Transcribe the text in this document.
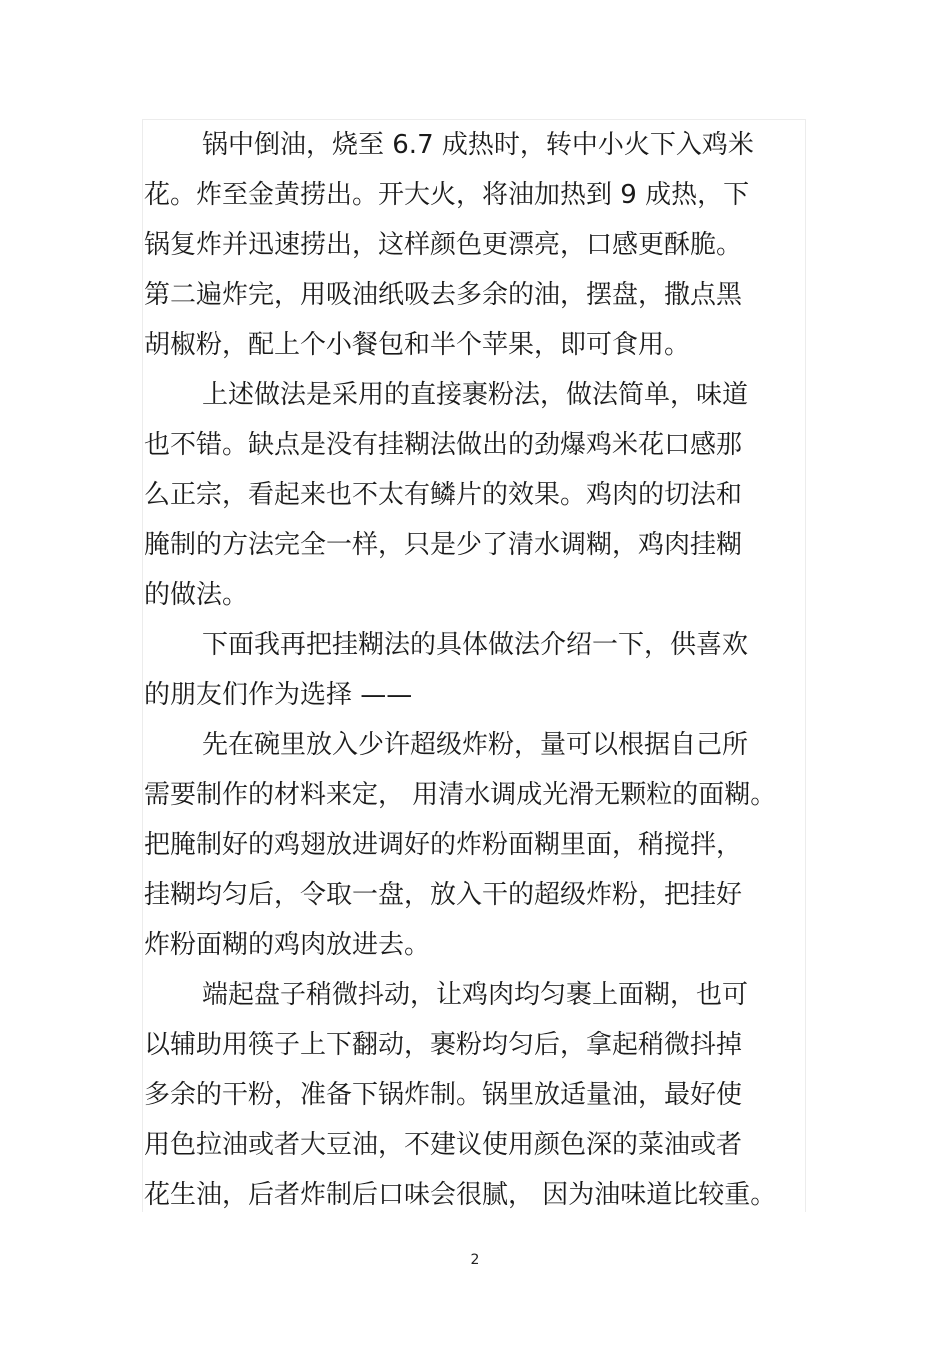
锅中倒油，烧至 6.7 成热时，转中小火下入鸡米
花。炸至金黄捞出。开大火，将油加热到 9 成热，下
锅复炸并迅速捞出，这样颜色更漂亮，口感更酥脆。
第二遍炸完，用吸油纸吸去多余的油，摆盘，撒点黑
胡椒粉，配上个小餐包和半个苹果，即可食用。
上述做法是采用的直接裹粉法，做法简单，味道
也不错。缺点是没有挂糊法做出的劲爆鸡米花口感那
么正宗，看起来也不太有鳞片的效果。鸡肉的切法和
腌制的方法完全一样，只是少了清水调糊，鸡肉挂糊
的做法。
下面我再把挂糊法的具体做法介绍一下，供喜欢
的朋友们作为选择 ——
先在碗里放入少许超级炸粉，量可以根据自己所
需要制作的材料来定， 用清水调成光滑无颗粒的面糊。
把腌制好的鸡翅放进调好的炸粉面糊里面，稍搅拌，
挂糊均匀后，令取一盘，放入干的超级炸粉，把挂好
炸粉面糊的鸡肉放进去。
端起盘子稍微抖动，让鸡肉均匀裹上面糊，也可
以辅助用筷子上下翻动，裹粉均匀后，拿起稍微抖掉
多余的干粉，准备下锅炸制。锅里放适量油，最好使
用色拉油或者大豆油，不建议使用颜色深的菜油或者
花生油，后者炸制后口味会很腻， 因为油味道比较重。
2
